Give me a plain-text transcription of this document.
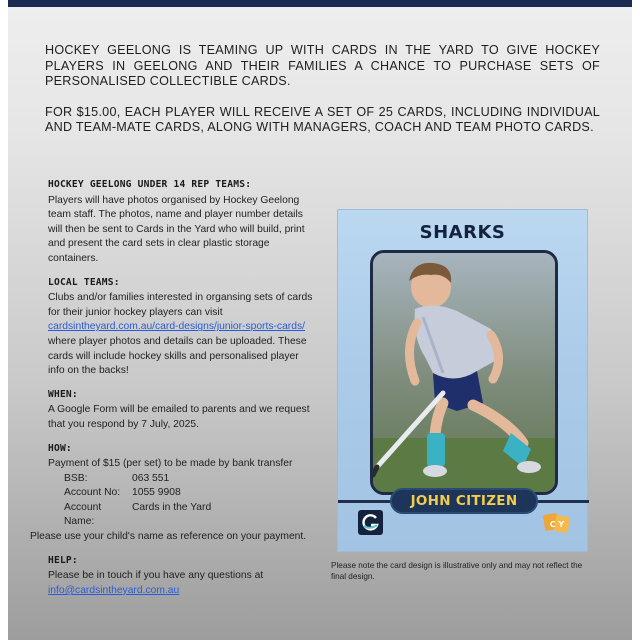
HOCKEY GEELONG IS TEAMING UP WITH CARDS IN THE YARD TO GIVE HOCKEY PLAYERS IN GEELONG AND THEIR FAMILIES A CHANCE TO PURCHASE SETS OF PERSONALISED COLLECTIBLE CARDS.

FOR $15.00, EACH PLAYER WILL RECEIVE A SET OF 25 CARDS, INCLUDING INDIVIDUAL AND TEAM-MATE CARDS, ALONG WITH MANAGERS, COACH AND TEAM PHOTO CARDS.

HOCKEY GEELONG UNDER 14 REP TEAMS:

Players will have photos organised by Hockey Geelong team staff. The photos, name and player number details will then be sent to Cards in the Yard who will build, print and present the card sets in clear plastic storage containers.

LOCAL TEAMS:

Clubs and/or families interested in organsing sets of cards for their junior hockey players can visit cardsintheyard.com.au/card-designs/junior-sports-cards/ where player photos and details can be uploaded. These cards will include hockey skills and personalised player info on the backs!

WHEN:

A Google Form will be emailed to parents and we request that you respond by 7 July, 2025.

HOW:

Payment of $15 (per set) to be made by bank transfer

BSB:	063 551
Account No:	1055 9908
Account Name:
Cards in the Yard

Please use your child's name as reference on your payment.

HELP:

Please be in touch if you have any questions at

info@cardsintheyard.com.au
SHARKS
JOHN CITIZEN
C Y

Please note the card design is illustrative only and may not reflect the final design.
